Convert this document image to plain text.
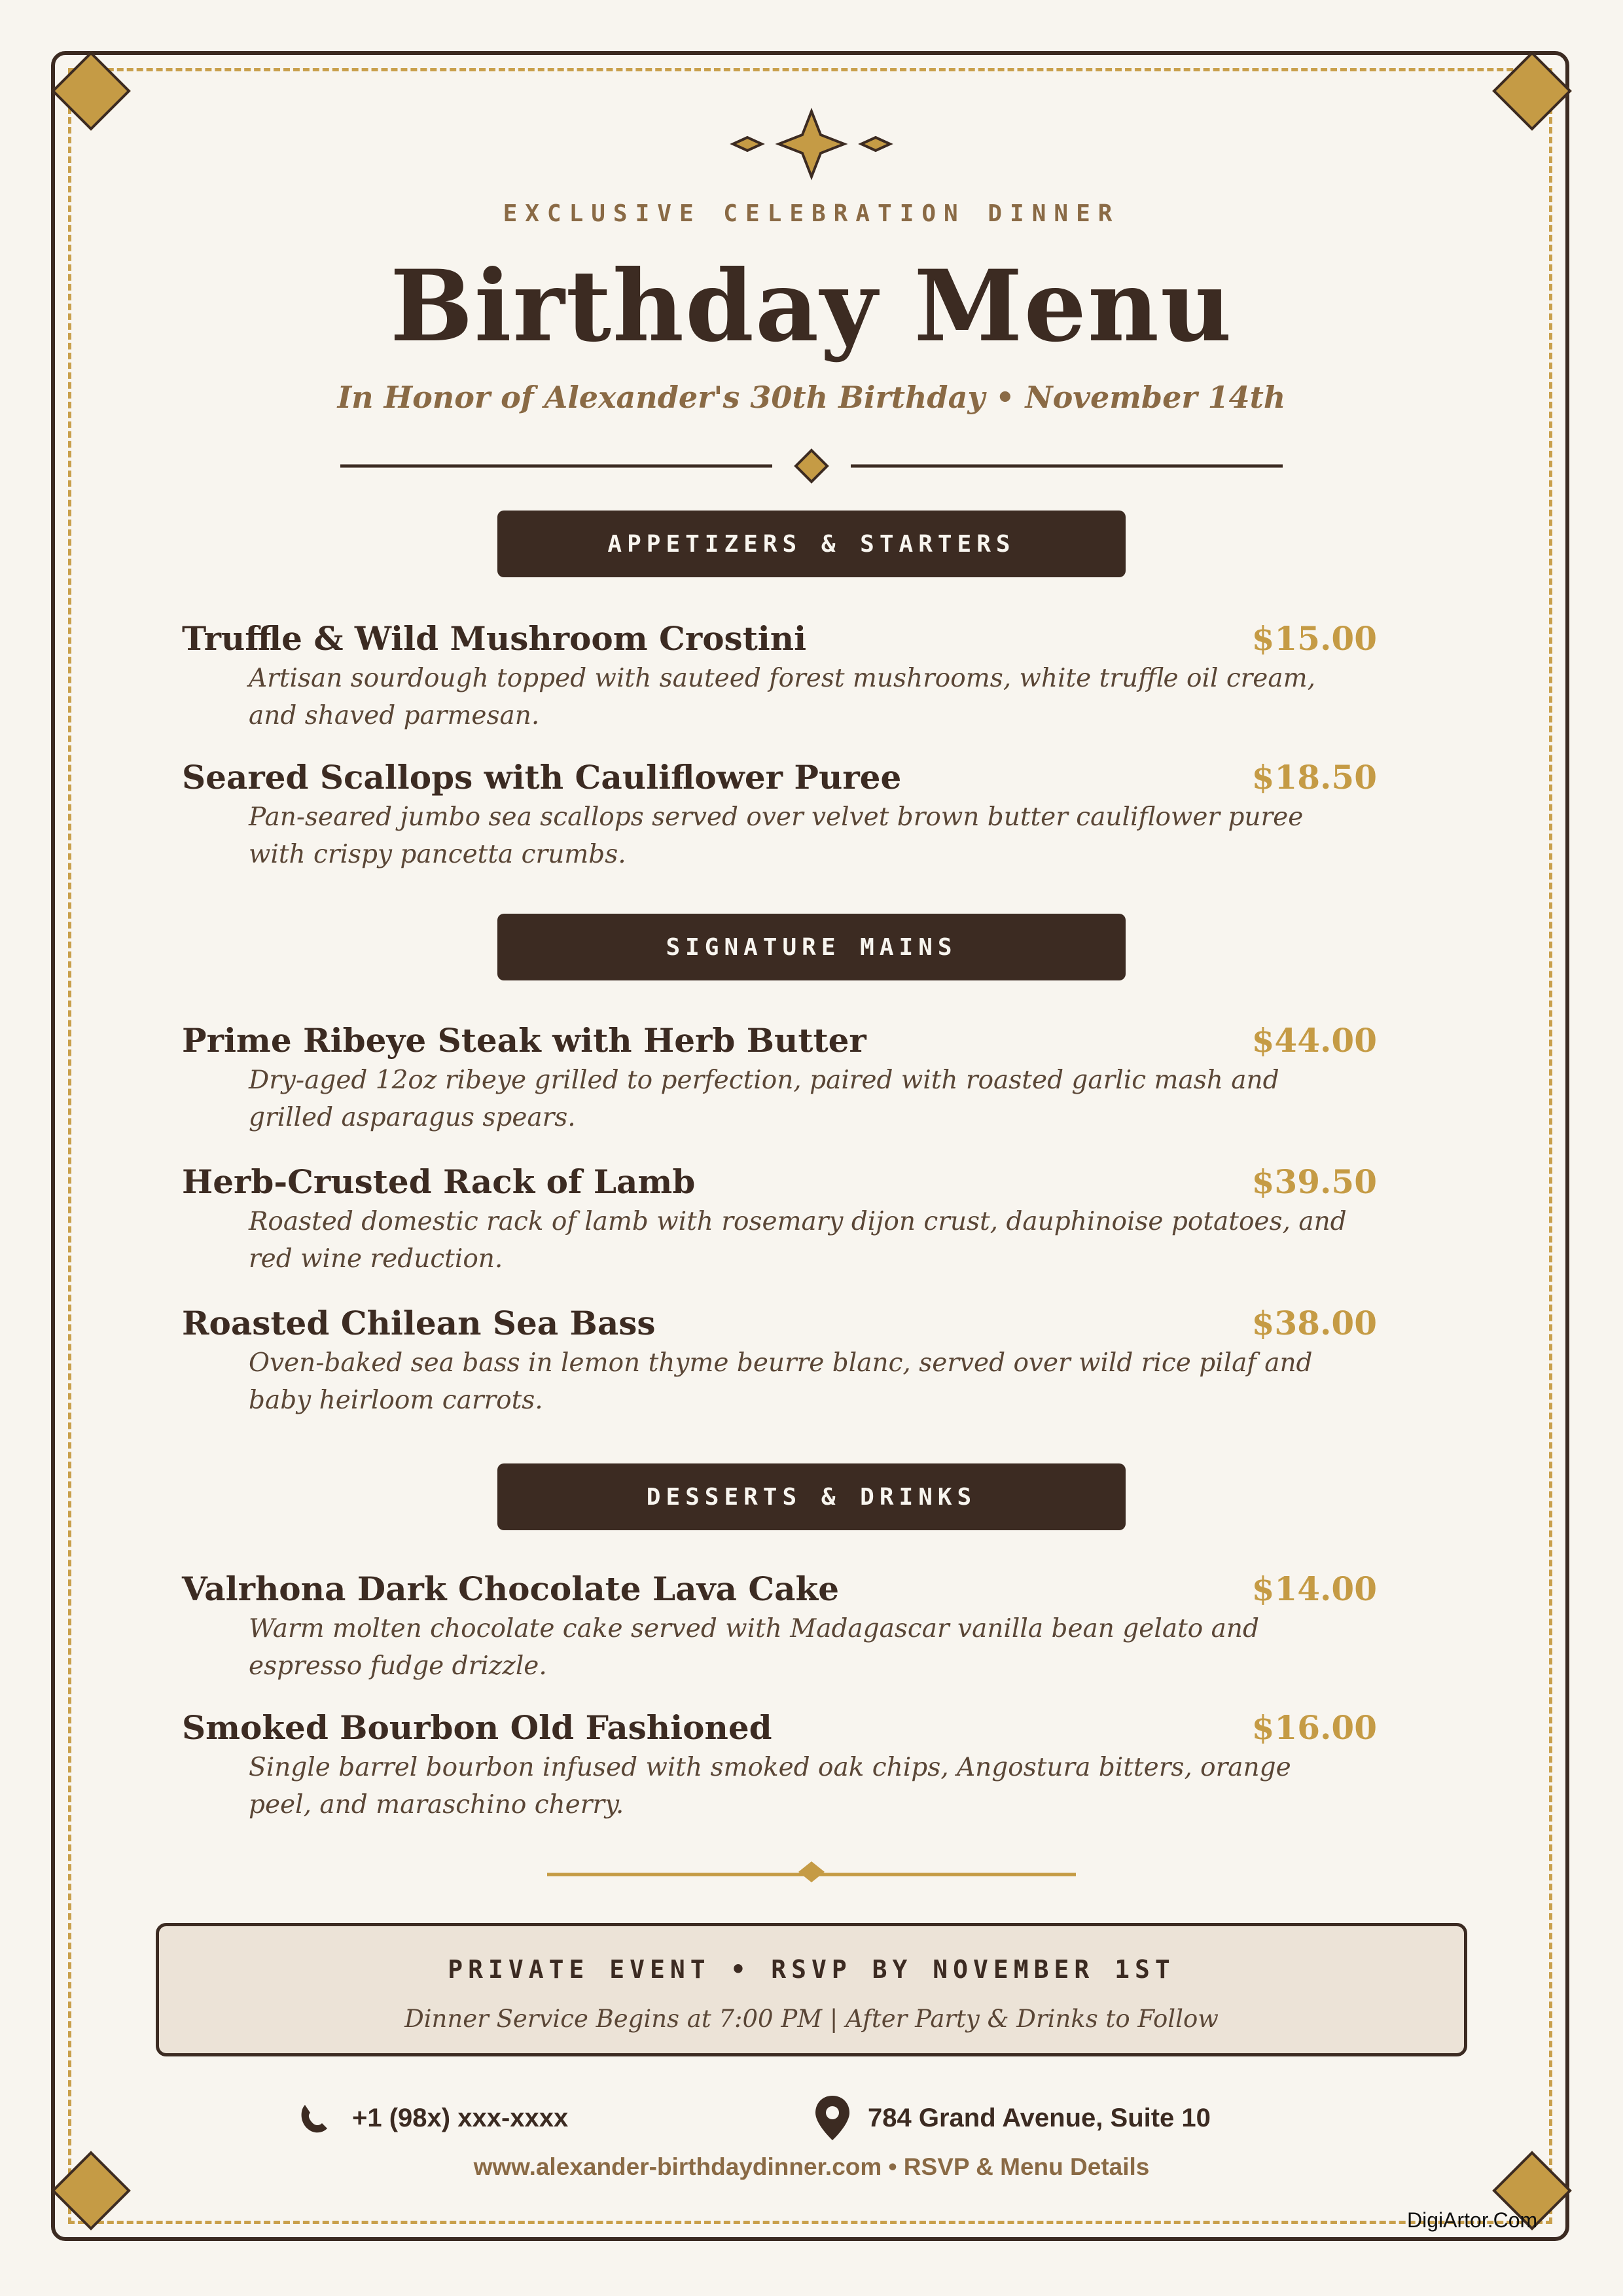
EXCLUSIVE CELEBRATION DINNER
Birthday Menu
In Honor of Alexander's 30th Birthday • November 14th
APPETIZERS & STARTERS
Truffle & Wild Mushroom Crostini	$15.00
Artisan sourdough topped with sauteed forest mushrooms, white truffle oil cream, and shaved parmesan.
Seared Scallops with Cauliflower Puree	$18.50
Pan-seared jumbo sea scallops served over velvet brown butter cauliflower puree with crispy pancetta crumbs.
SIGNATURE MAINS
Prime Ribeye Steak with Herb Butter	$44.00
Dry-aged 12oz ribeye grilled to perfection, paired with roasted garlic mash and grilled asparagus spears.
Herb-Crusted Rack of Lamb	$39.50
Roasted domestic rack of lamb with rosemary dijon crust, dauphinoise potatoes, and red wine reduction.
Roasted Chilean Sea Bass	$38.00
Oven-baked sea bass in lemon thyme beurre blanc, served over wild rice pilaf and baby heirloom carrots.
DESSERTS & DRINKS
Valrhona Dark Chocolate Lava Cake	$14.00
Warm molten chocolate cake served with Madagascar vanilla bean gelato and espresso fudge drizzle.
Smoked Bourbon Old Fashioned	$16.00
Single barrel bourbon infused with smoked oak chips, Angostura bitters, orange peel, and maraschino cherry.
PRIVATE EVENT • RSVP BY NOVEMBER 1ST
Dinner Service Begins at 7:00 PM | After Party & Drinks to Follow
+1 (98x) xxx-xxxx	784 Grand Avenue, Suite 10
www.alexander-birthdaydinner.com • RSVP & Menu Details
DigiArtor.Com
